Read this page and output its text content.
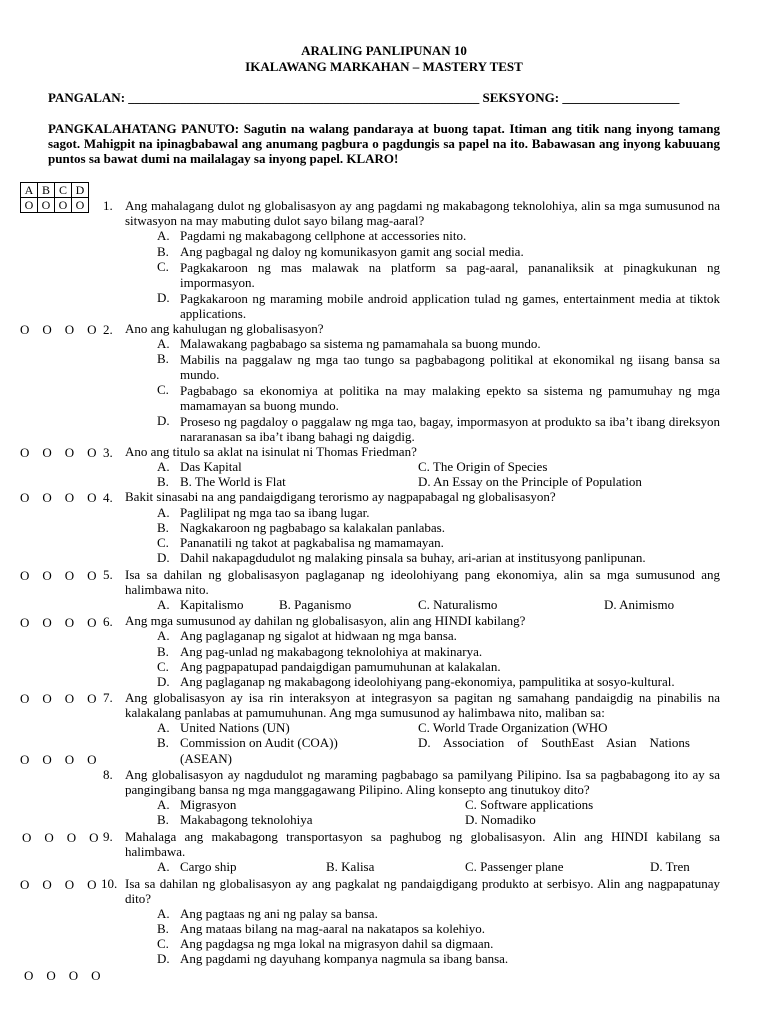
ARALING PANLIPUNAN 10
IKALAWANG MARKAHAN – MASTERY TEST
PANGALAN: ______________________________________________________ SEKSYONG: __________________
PANGKALAHATANG PANUTO: Sagutin na walang pandaraya at buong tapat. Itiman ang titik nang inyong tamang sagot. Mahigpit na ipinagbabawal ang anumang pagbura o pagdungis sa papel na ito. Babawasan ang inyong kabuuang puntos sa bawat dumi na mailalagay sa inyong papel. KLARO!
A	B	C	D
O	O	O	O 1. Ang mahalagang dulot ng globalisasyon ay ang pagdami ng makabagong teknolohiya, alin sa mga sumusunod na sitwasyon na may mabuting dulot sayo bilang mag-aaral?
A. Pagdami ng makabagong cellphone at accessories nito.
B. Ang pagbagal ng daloy ng komunikasyon gamit ang social media.
C. Pagkakaroon ng mas malawak na platform sa pag-aaral, pananaliksik at pinagkukunan ng impormasyon.
D. Pagkakaroon ng maraming mobile android application tulad ng games, entertainment media at tiktok applications.
O O O O 2. Ano ang kahulugan ng globalisasyon?
A. Malawakang pagbabago sa sistema ng pamamahala sa buong mundo.
B. Mabilis na paggalaw ng mga tao tungo sa pagbabagong politikal at ekonomikal ng iisang bansa sa mundo.
C. Pagbabago sa ekonomiya at politika na may malaking epekto sa sistema ng pamumuhay ng mga mamamayan sa buong mundo.
D. Proseso ng pagdaloy o paggalaw ng mga tao, bagay, impormasyon at produkto sa iba’t ibang direksyon nararanasan sa iba’t ibang bahagi ng daigdig.
O O O O 3. Ano ang titulo sa aklat na isinulat ni Thomas Friedman?
A. Das Kapital	C. The Origin of Species
B. B. The World is Flat	D. An Essay on the Principle of Population
O O O O 4. Bakit sinasabi na ang pandaigdigang terorismo ay nagpapabagal ng globalisasyon?
A. Paglilipat ng mga tao sa ibang lugar.
B. Nagkakaroon ng pagbabago sa kalakalan panlabas.
C. Pananatili ng takot at pagkabalisa ng mamamayan.
D. Dahil nakapagdudulot ng malaking pinsala sa buhay, ari-arian at institusyong panlipunan.
O O O O 5. Isa sa dahilan ng globalisasyon paglaganap ng ideolohiyang pang ekonomiya, alin sa mga sumusunod ang halimbawa nito.
A. Kapitalismo	B. Paganismo	C. Naturalismo	D. Animismo
O O O O 6. Ang mga sumusunod ay dahilan ng globalisasyon, alin ang HINDI kabilang?
A. Ang paglaganap ng sigalot at hidwaan ng mga bansa.
B. Ang pag-unlad ng makabagong teknolohiya at makinarya.
C. Ang pagpapatupad pandaigdigan pamumuhunan at kalakalan.
D. Ang paglaganap ng makabagong ideolohiyang pang-ekonomiya, pampulitika at sosyo-kultural.
O O O O 7. Ang globalisasyon ay isa rin interaksyon at integrasyon sa pagitan ng samahang pandaigdig na pinabilis na kalakalang panlabas at pamumuhunan. Ang mga sumusunod ay halimbawa nito, maliban sa:
A. United Nations (UN)	C. World Trade Organization (WHO
B. Commission on Audit (COA))	D.    Association    of    SouthEast    Asian    Nations
O O O O	(ASEAN)
8. Ang globalisasyon ay nagdudulot ng maraming pagbabago sa pamilyang Pilipino. Isa sa pagbabagong ito ay sa pangingibang bansa ng mga manggagawang Pilipino. Aling konsepto ang tinutukoy dito?
A. Migrasyon	C. Software applications
B. Makabagong teknolohiya	D. Nomadiko
O O O O 9. Mahalaga ang makabagong transportasyon sa paghubog ng globalisasyon. Alin ang HINDI kabilang sa halimbawa.
A. Cargo ship	B. Kalisa	C. Passenger plane	D. Tren
O O O O 10. Isa sa dahilan ng globalisasyon ay ang pagkalat ng pandaigdigang produkto at serbisyo. Alin ang nagpapatunay dito?
A. Ang pagtaas ng ani ng palay sa bansa.
B. Ang mataas bilang na mag-aaral na nakatapos sa kolehiyo.
C. Ang pagdagsa ng mga lokal na migrasyon dahil sa digmaan.
D. Ang pagdami ng dayuhang kompanya nagmula sa ibang bansa.
O O O O
